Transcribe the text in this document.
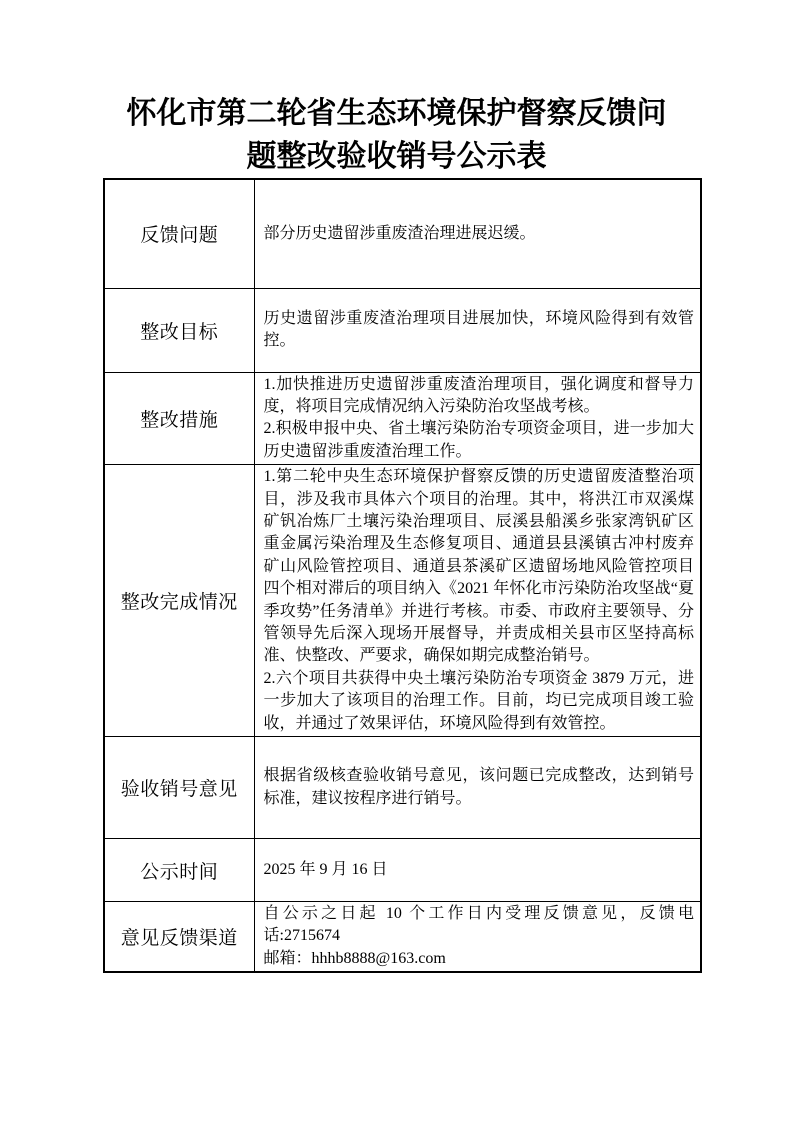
怀化市第二轮省生态环境保护督察反馈问
题整改验收销号公示表
反馈问题	部分历史遗留涉重废渣治理进展迟缓。

整改目标	历史遗留涉重废渣治理项目进展加快，环境风险得到有效管控。

整改措施	1.加快推进历史遗留涉重废渣治理项目，强化调度和督导力度，将项目完成情况纳入污染防治攻坚战考核。
2.积极申报中央、省土壤污染防治专项资金项目，进一步加大历史遗留涉重废渣治理工作。

整改完成情况	1.第二轮中央生态环境保护督察反馈的历史遗留废渣整治项目，涉及我市具体六个项目的治理。其中，将洪江市双溪煤矿钒冶炼厂土壤污染治理项目、辰溪县船溪乡张家湾钒矿区重金属污染治理及生态修复项目、通道县县溪镇古冲村废弃矿山风险管控项目、通道县茶溪矿区遗留场地风险管控项目四个相对滞后的项目纳入《2021 年怀化市污染防治攻坚战“夏季攻势”任务清单》并进行考核。市委、市政府主要领导、分管领导先后深入现场开展督导，并责成相关县市区坚持高标准、快整改、严要求，确保如期完成整治销号。
2.六个项目共获得中央土壤污染防治专项资金 3879 万元，进一步加大了该项目的治理工作。目前，均已完成项目竣工验收，并通过了效果评估，环境风险得到有效管控。

验收销号意见	根据省级核查验收销号意见，该问题已完成整改，达到销号标准，建议按程序进行销号。

公示时间	2025 年 9 月 16 日

意见反馈渠道	自公示之日起 10 个工作日内受理反馈意见，反馈电话:2715674
邮箱：hhhb8888@163.com
